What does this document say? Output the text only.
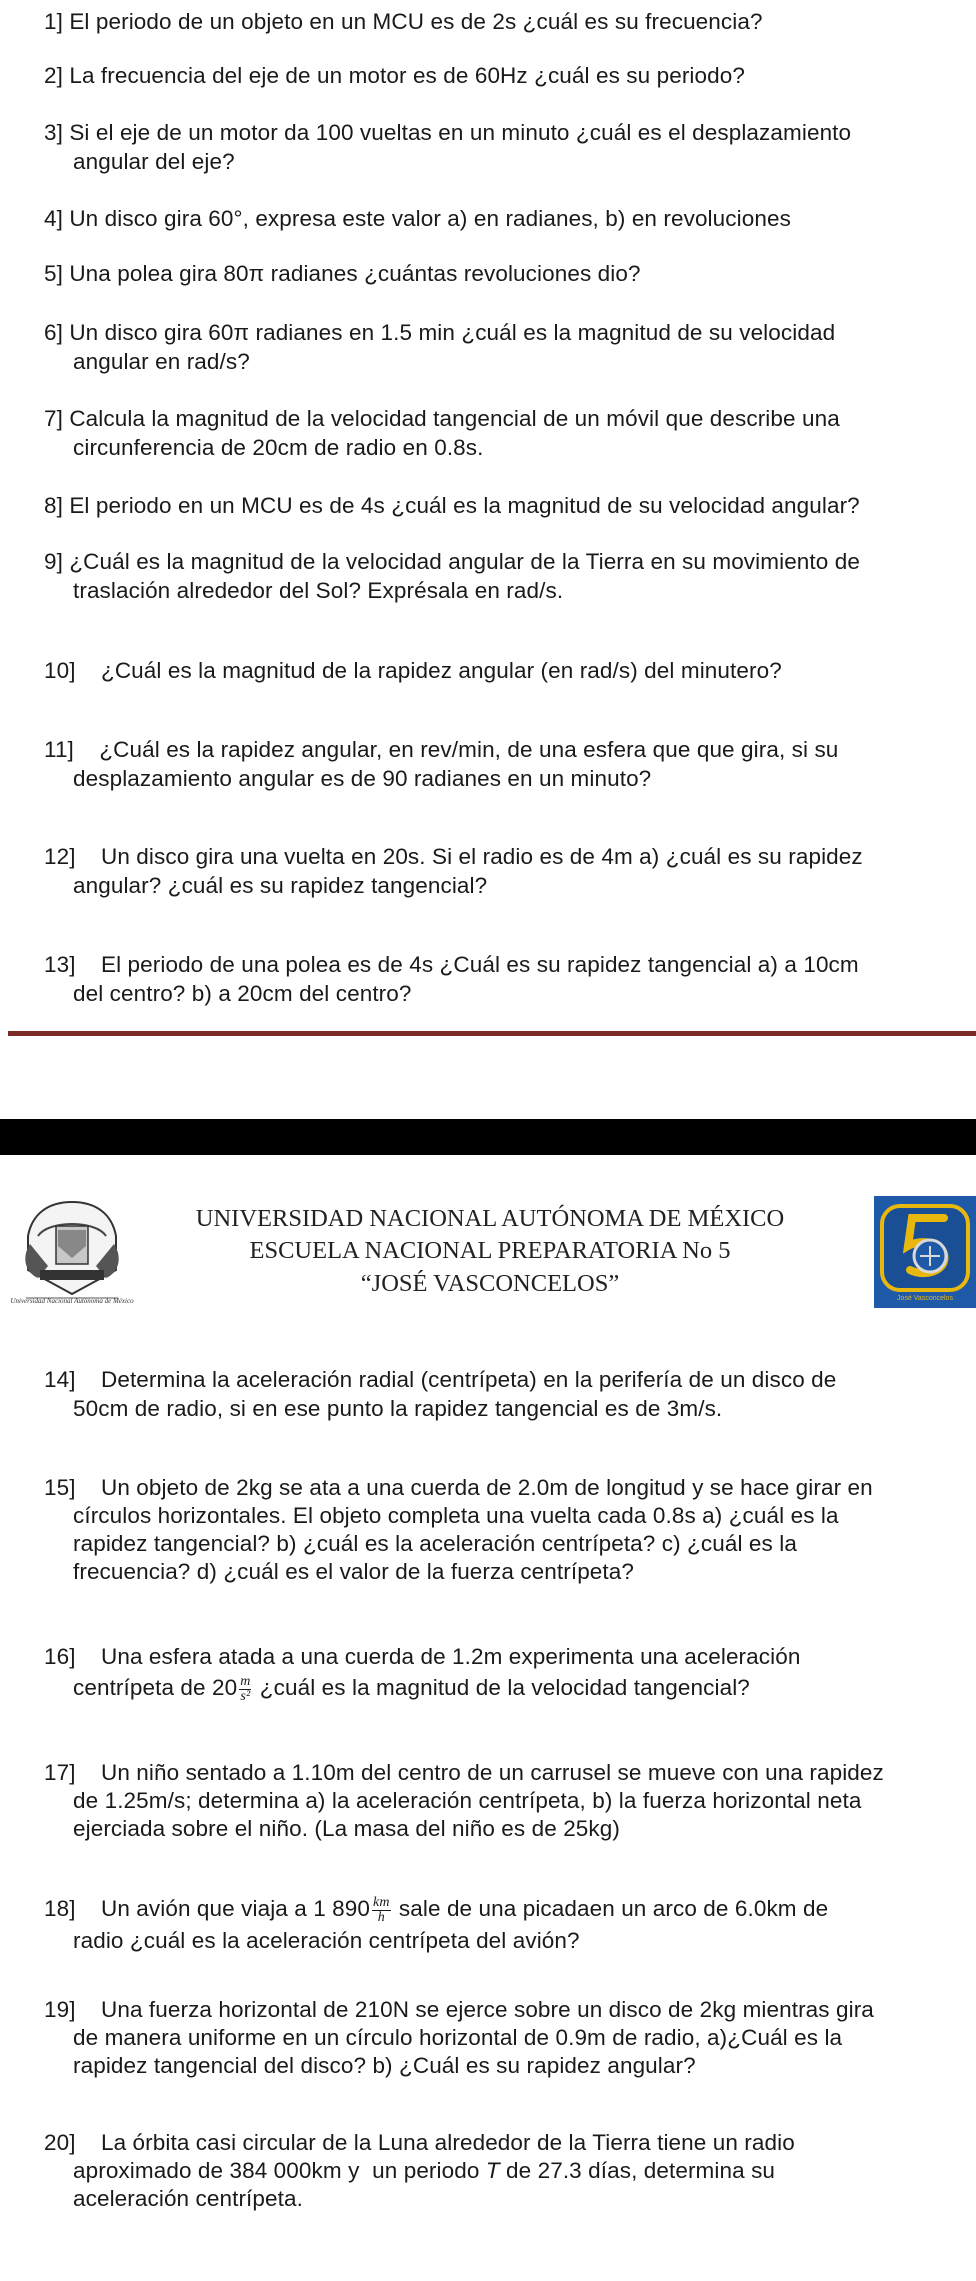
1] El periodo de un objeto en un MCU es de 2s ¿cuál es su frecuencia?
2] La frecuencia del eje de un motor es de 60Hz ¿cuál es su periodo?
3] Si el eje de un motor da 100 vueltas en un minuto ¿cuál es el desplazamiento
angular del eje?
4] Un disco gira 60°, expresa este valor a) en radianes, b) en revoluciones
5] Una polea gira 80π radianes ¿cuántas revoluciones dio?
6] Un disco gira 60π radianes en 1.5 min ¿cuál es la magnitud de su velocidad
angular en rad/s?
7] Calcula la magnitud de la velocidad tangencial de un móvil que describe una
circunferencia de 20cm de radio en 0.8s.
8] El periodo en un MCU es de 4s ¿cuál es la magnitud de su velocidad angular?
9] ¿Cuál es la magnitud de la velocidad angular de la Tierra en su movimiento de
traslación alrededor del Sol? Exprésala en rad/s.
10]    ¿Cuál es la magnitud de la rapidez angular (en rad/s) del minutero?
11]    ¿Cuál es la rapidez angular, en rev/min, de una esfera que que gira, si su
desplazamiento angular es de 90 radianes en un minuto?
12]    Un disco gira una vuelta en 20s. Si el radio es de 4m a) ¿cuál es su rapidez
angular? ¿cuál es su rapidez tangencial?
13]    El periodo de una polea es de 4s ¿Cuál es su rapidez tangencial a) a 10cm
del centro? b) a 20cm del centro?
Universidad Nacional Autónoma de México
UNIVERSIDAD NACIONAL AUTÓNOMA DE MÉXICO
ESCUELA NACIONAL PREPARATORIA No 5
“JOSÉ VASCONCELOS”
José Vasconcelos
14]    Determina la aceleración radial (centrípeta) en la perifería de un disco de
50cm de radio, si en ese punto la rapidez tangencial es de 3m/s.
15]    Un objeto de 2kg se ata a una cuerda de 2.0m de longitud y se hace girar en
círculos horizontales. El objeto completa una vuelta cada 0.8s a) ¿cuál es la
rapidez tangencial? b) ¿cuál es la aceleración centrípeta? c) ¿cuál es la
frecuencia? d) ¿cuál es el valor de la fuerza centrípeta?
16]    Una esfera atada a una cuerda de 1.2m experimenta una aceleración
centrípeta de $20 \frac{m}{\text{s²}}$ ¿cuál es la magnitud de la velocidad tangencial?
17]    Un niño sentado a 1.10m del centro de un carrusel se mueve con una rapidez
de 1.25m/s; determina a) la aceleración centrípeta, b) la fuerza horizontal neta
ejerciada sobre el niño. (La masa del niño es de 25kg)
18]    Un avión que viaja a 1 $890 \frac{km}{h}$ sale de una picadaen un arco de 6.0km de
radio ¿cuál es la aceleración centrípeta del avión?
19]    Una fuerza horizontal de 210N se ejerce sobre un disco de 2kg mientras gira
de manera uniforme en un círculo horizontal de 0.9m de radio, a)¿Cuál es la
rapidez tangencial del disco? b) ¿Cuál es su rapidez angular?
20]    La órbita casi circular de la Luna alrededor de la Tierra tiene un radio
aproximado de 384 000km y  un periodo T de 27.3 días, determina su
aceleración centrípeta.
